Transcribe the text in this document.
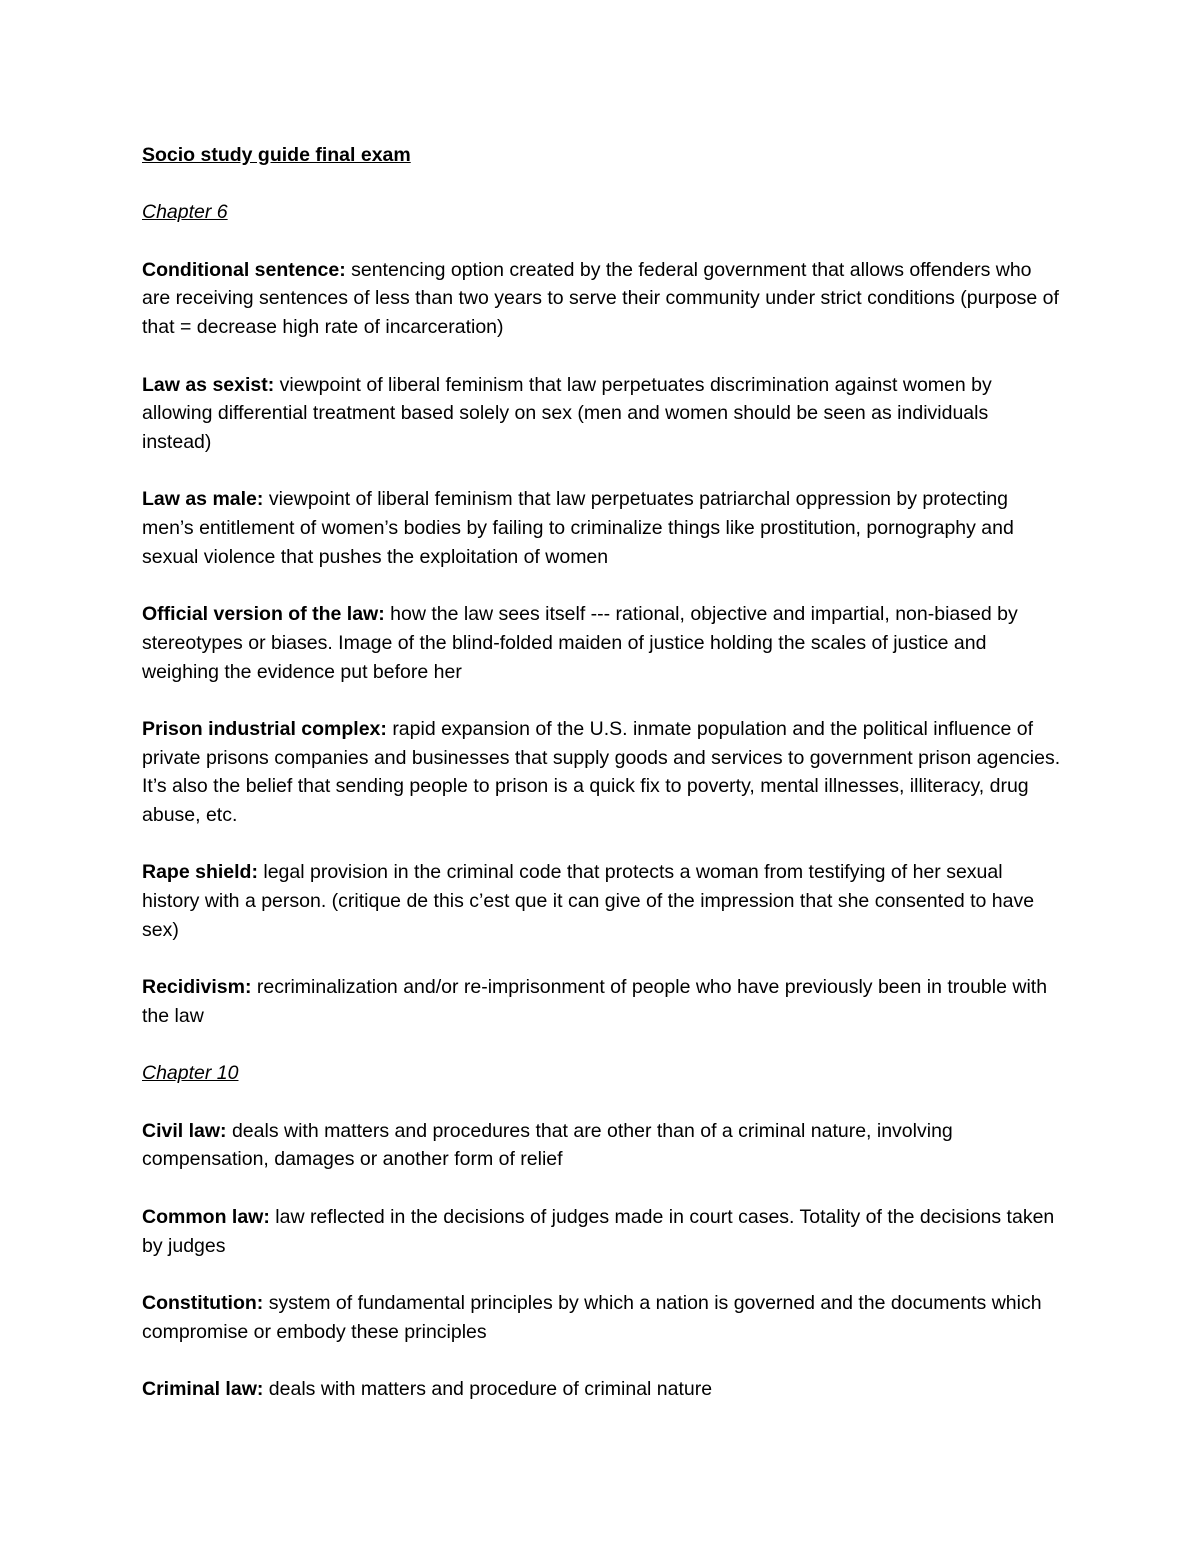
Socio study guide final exam

Chapter 6

Conditional sentence: sentencing option created by the federal government that allows offenders who are receiving sentences of less than two years to serve their community under strict conditions (purpose of that = decrease high rate of incarceration)

Law as sexist: viewpoint of liberal feminism that law perpetuates discrimination against women by allowing differential treatment based solely on sex (men and women should be seen as individuals instead)

Law as male: viewpoint of liberal feminism that law perpetuates patriarchal oppression by protecting men’s entitlement of women’s bodies by failing to criminalize things like prostitution, pornography and sexual violence that pushes the exploitation of women

Official version of the law: how the law sees itself --- rational, objective and impartial, non-biased by stereotypes or biases. Image of the blind-folded maiden of justice holding the scales of justice and weighing the evidence put before her

Prison industrial complex: rapid expansion of the U.S. inmate population and the political influence of private prisons companies and businesses that supply goods and services to government prison agencies. It’s also the belief that sending people to prison is a quick fix to poverty, mental illnesses, illiteracy, drug abuse, etc.

Rape shield: legal provision in the criminal code that protects a woman from testifying of her sexual history with a person. (critique de this c’est que it can give of the impression that she consented to have sex)

Recidivism: recriminalization and/or re-imprisonment of people who have previously been in trouble with the law

Chapter 10

Civil law: deals with matters and procedures that are other than of a criminal nature, involving compensation, damages or another form of relief

Common law: law reflected in the decisions of judges made in court cases. Totality of the decisions taken by judges

Constitution: system of fundamental principles by which a nation is governed and the documents which compromise or embody these principles

Criminal law: deals with matters and procedure of criminal nature
